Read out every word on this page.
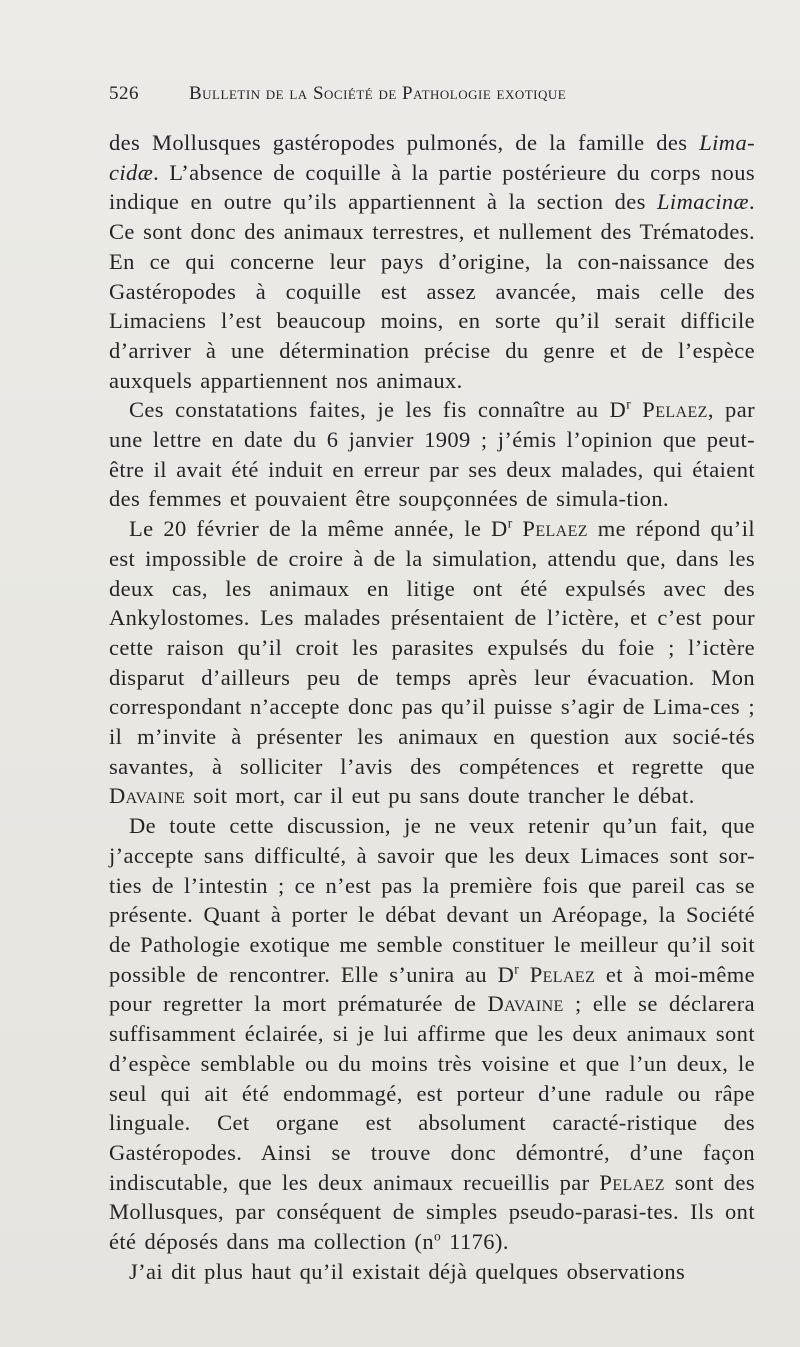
526	Bulletin de la Société de Pathologie exotique

des Mollusques gastéropodes pulmonés, de la famille des Lima-cidæ. L’absence de coquille à la partie postérieure du corps nous indique en outre qu’ils appartiennent à la section des Limacinæ. Ce sont donc des animaux terrestres, et nullement des Trématodes. En ce qui concerne leur pays d’origine, la con-naissance des Gastéropodes à coquille est assez avancée, mais celle des Limaciens l’est beaucoup moins, en sorte qu’il serait difficile d’arriver à une détermination précise du genre et de l’espèce auxquels appartiennent nos animaux.

Ces constatations faites, je les fis connaître au $D^r$ Pelaez, par une lettre en date du 6 janvier 1909 ; j’émis l’opinion que peut-être il avait été induit en erreur par ses deux malades, qui étaient des femmes et pouvaient être soupçonnées de simula-tion.

Le 20 février de la même année, le $D^r$ Pelaez me répond qu’il est impossible de croire à de la simulation, attendu que, dans les deux cas, les animaux en litige ont été expulsés avec des Ankylostomes. Les malades présentaient de l’ictère, et c’est pour cette raison qu’il croit les parasites expulsés du foie ; l’ictère disparut d’ailleurs peu de temps après leur évacuation. Mon correspondant n’accepte donc pas qu’il puisse s’agir de Lima-ces ; il m’invite à présenter les animaux en question aux socié-tés savantes, à solliciter l’avis des compétences et regrette que Davaine soit mort, car il eut pu sans doute trancher le débat.

De toute cette discussion, je ne veux retenir qu’un fait, que j’accepte sans difficulté, à savoir que les deux Limaces sont sor-ties de l’intestin ; ce n’est pas la première fois que pareil cas se présente. Quant à porter le débat devant un Aréopage, la Société de Pathologie exotique me semble constituer le meilleur qu’il soit possible de rencontrer. Elle s’unira au $D^r$ Pelaez et à moi-même pour regretter la mort prématurée de Davaine ; elle se déclarera suffisamment éclairée, si je lui affirme que les deux animaux sont d’espèce semblable ou du moins très voisine et que l’un deux, le seul qui ait été endommagé, est porteur d’une radule ou râpe linguale. Cet organe est absolument caracté-ristique des Gastéropodes. Ainsi se trouve donc démontré, d’une façon indiscutable, que les deux animaux recueillis par Pelaez sont des Mollusques, par conséquent de simples pseudo-parasi-tes. Ils ont été déposés dans ma collection ($n^o$ 1176).

J’ai dit plus haut qu’il existait déjà quelques observations
